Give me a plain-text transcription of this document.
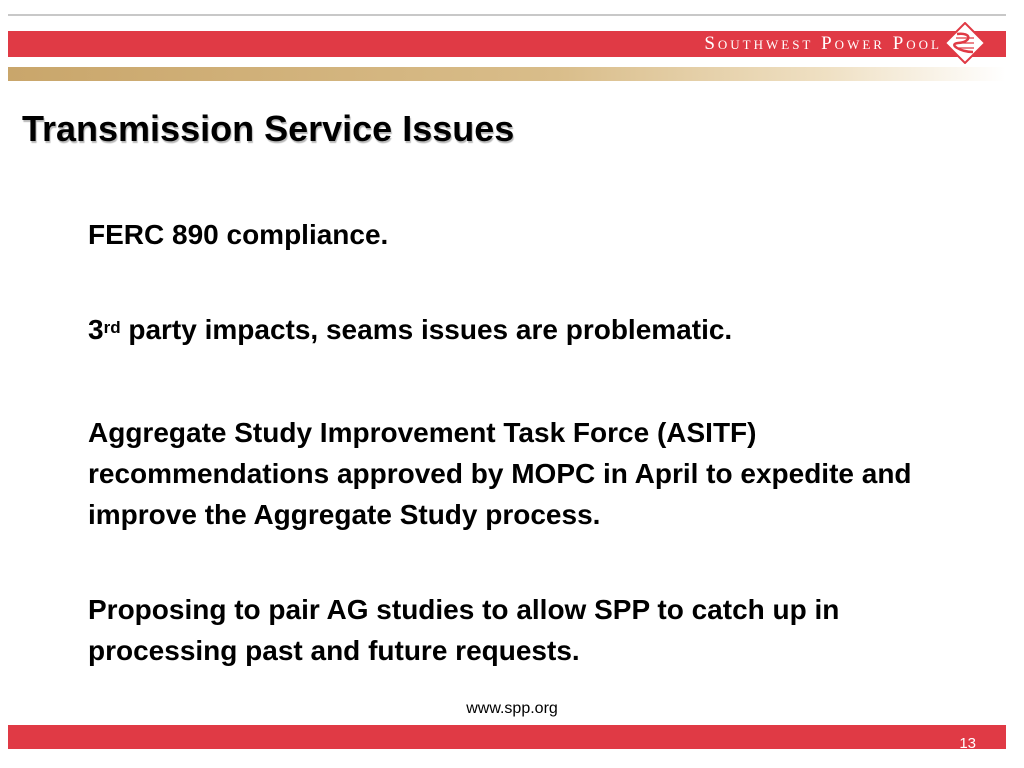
Southwest Power Pool
Transmission Service Issues

FERC 890 compliance.

3rd party impacts, seams issues are problematic.

Aggregate Study Improvement Task Force (ASITF) recommendations approved by MOPC in April to expedite and improve the Aggregate Study process.

Proposing to pair AG studies to allow SPP to catch up in processing past and future requests.

www.spp.org
13
